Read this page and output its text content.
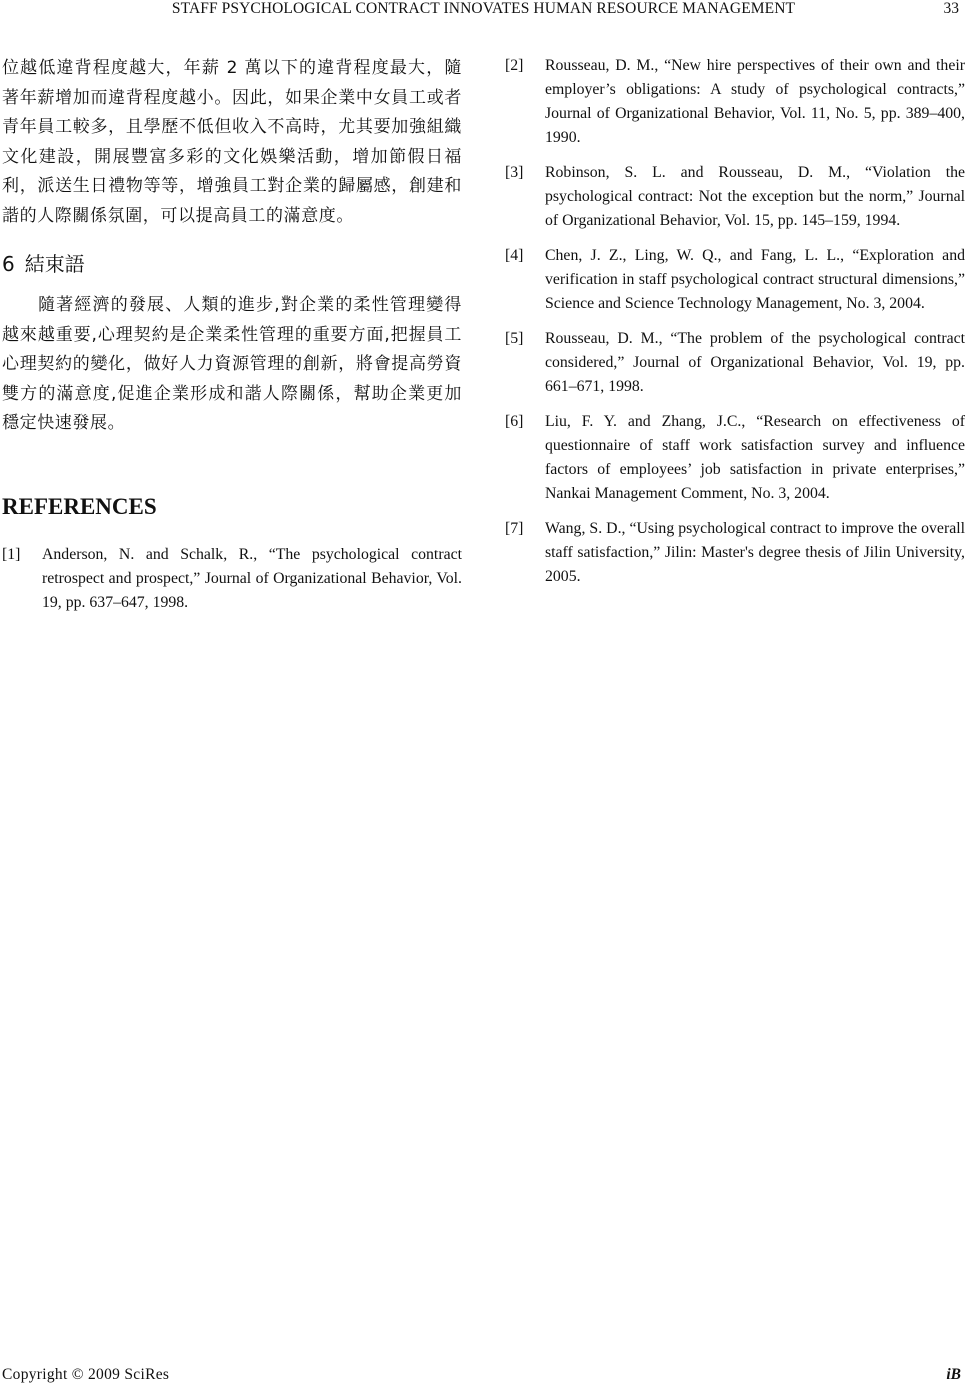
STAFF PSYCHOLOGICAL CONTRACT INNOVATES HUMAN RESOURCE MANAGEMENT	33

位越低違背程度越大，年薪 2 萬以下的違背程度最大，隨著年薪增加而違背程度越小。因此，如果企業中女員工或者青年員工較多，且學歷不低但收入不高時，尤其要加強組織文化建設，開展豐富多彩的文化娛樂活動，增加節假日福利，派送生日禮物等等，增強員工對企業的歸屬感，創建和諧的人際關係氛圍，可以提高員工的滿意度。

6 結束語

隨著經濟的發展、人類的進步,對企業的柔性管理變得越來越重要,心理契約是企業柔性管理的重要方面,把握員工心理契約的變化，做好人力資源管理的創新，將會提高勞資雙方的滿意度,促進企業形成和諧人際關係，幫助企業更加穩定快速發展。

REFERENCES
[1]	Anderson, N. and Schalk, R., “The psychological contract retrospect and prospect,” Journal of Organizational Behavior, Vol. 19, pp. 637–647, 1998.
[2]	Rousseau, D. M., “New hire perspectives of their own and their employer’s obligations: A study of psychological contracts,” Journal of Organizational Behavior, Vol. 11, No. 5, pp. 389–400, 1990.
[3]	Robinson, S. L. and Rousseau, D. M., “Violation the psychological contract: Not the exception but the norm,” Journal of Organizational Behavior, Vol. 15, pp. 145–159, 1994.
[4]	Chen, J. Z., Ling, W. Q., and Fang, L. L., “Exploration and verification in staff psychological contract structural dimensions,” Science and Science Technology Management, No. 3, 2004.
[5]	Rousseau, D. M., “The problem of the psychological contract considered,” Journal of Organizational Behavior, Vol. 19, pp. 661–671, 1998.
[6]	Liu, F. Y. and Zhang, J.C., “Research on effectiveness of questionnaire of staff work satisfaction survey and influence factors of employees’ job satisfaction in private enterprises,” Nankai Management Comment, No. 3, 2004.
[7]	Wang, S. D., “Using psychological contract to improve the overall staff satisfaction,” Jilin: Master's degree thesis of Jilin University, 2005.
Copyright © 2009 SciRes	iB
